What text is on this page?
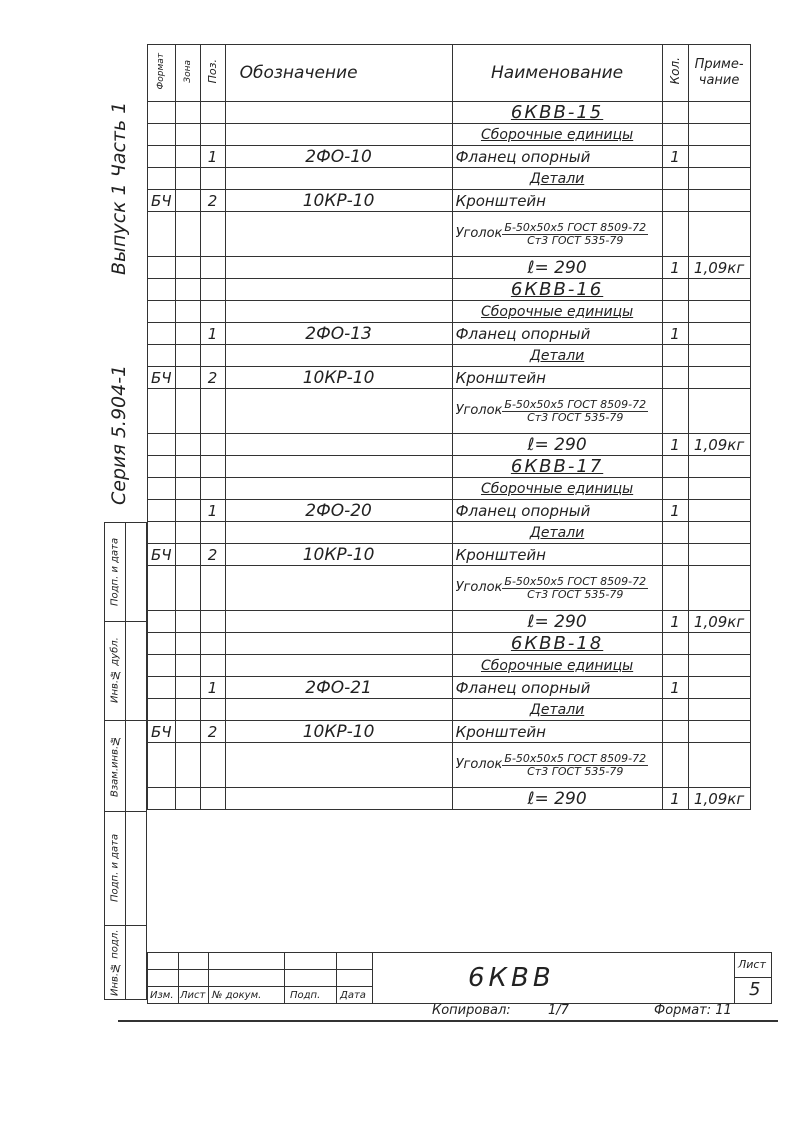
Выпуск 1 Часть 1
Серия 5.904-1
Подп. и дата
Инв.№ дубл.
Взам.инв.№
Подп. и дата
Инв.№ подл.
Формат	Зона	Поз.	Обозначение	Наименование	Кол.	Приме-чание
				6КВВ-15		
				Сборочные единицы		
		1	2ФО-10	Фланец опорный	1	
				Детали		
БЧ		2	10КР-10	Кронштейн		
				Уголок $\frac{\text{Б-50х50х5 ГОСТ 8509-72}}{\text{Ст3 ГОСТ 535-79}}$

				ℓ= 290	1	1,09кг
				6КВВ-16		
				Сборочные единицы		
		1	2ФО-13	Фланец опорный	1	
				Детали		
БЧ		2	10КР-10	Кронштейн		
				Уголок $\frac{\text{Б-50х50х5 ГОСТ 8509-72}}{\text{Ст3 ГОСТ 535-79}}$

				ℓ= 290	1	1,09кг
				6КВВ-17		
				Сборочные единицы		
		1	2ФО-20	Фланец опорный	1	
				Детали		
БЧ		2	10КР-10	Кронштейн		
				Уголок $\frac{\text{Б-50х50х5 ГОСТ 8509-72}}{\text{Ст3 ГОСТ 535-79}}$

				ℓ= 290	1	1,09кг
				6КВВ-18		
				Сборочные единицы		
		1	2ФО-21	Фланец опорный	1	
				Детали		
БЧ		2	10КР-10	Кронштейн		
				Уголок $\frac{\text{Б-50х50х5 ГОСТ 8509-72}}{\text{Ст3 ГОСТ 535-79}}$

				ℓ= 290	1	1,09кг
6КВВ	Лист
5
Изм. Лист № докум.	Подп. Дата
Копировал:	1/7	Формат: 11
